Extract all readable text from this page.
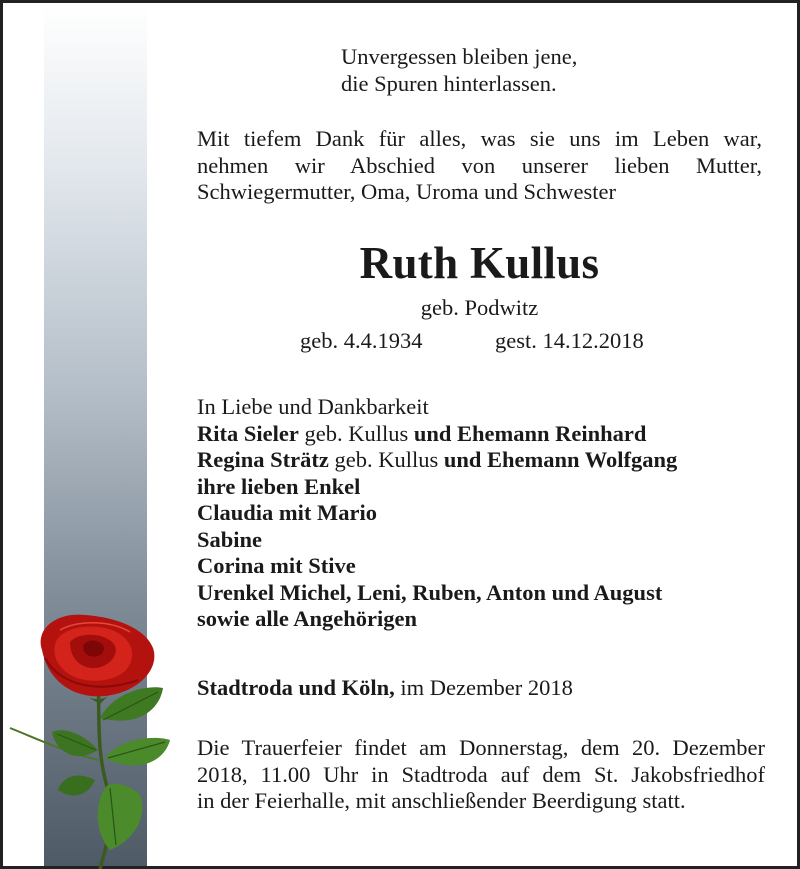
Unvergessen bleiben jene,
die Spuren hinterlassen.
Mit tiefem Dank für alles, was sie uns im Leben war,
nehmen wir Abschied von unserer lieben Mutter,
Schwiegermutter, Oma, Uroma und Schwester
Ruth Kullus
geb. Podwitz
geb. 4.4.1934	gest. 14.12.2018
In Liebe und Dankbarkeit
Rita Sieler geb. Kullus und Ehemann Reinhard
Regina Strätz geb. Kullus und Ehemann Wolfgang
ihre lieben Enkel
Claudia mit Mario
Sabine
Corina mit Stive
Urenkel Michel, Leni, Ruben, Anton und August
sowie alle Angehörigen
Stadtroda und Köln, im Dezember 2018
Die Trauerfeier findet am Donnerstag, dem 20. Dezember
2018, 11.00 Uhr in Stadtroda auf dem St. Jakobsfriedhof
in der Feierhalle, mit anschließender Beerdigung statt.
